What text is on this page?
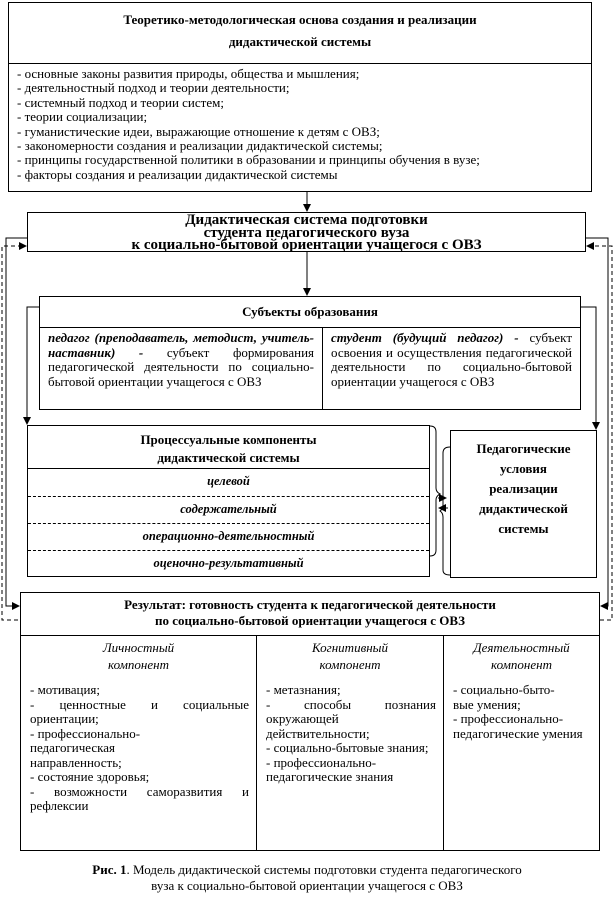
Теоретико-методологическая основа создания и реализации
дидактической системы
- основные законы развития природы, общества и мышления;
- деятельностный подход и теории деятельности;
- системный подход и теории систем;
- теории социализации;
- гуманистические идеи, выражающие отношение к детям с ОВЗ;
- закономерности создания и реализации дидактической системы;
- принципы государственной политики в образовании и принципы обучения в вузе;
- факторы создания и реализации дидактической системы
Дидактическая система подготовки
студента педагогического вуза
к социально-бытовой ориентации учащегося с ОВЗ
Субъекты образования
педагог (преподаватель, методист, учитель-наставник) - субъект формирования педагогической деятельности по социально-бытовой ориентации учащегося с ОВЗ
студент (будущий педагог) - субъект освоения и осуществления педагогической деятельности по социально-бытовой ориентации учащегося с ОВЗ
Процессуальные компоненты
дидактической системы
целевой
содержательный
операционно-деятельностный
оценочно-результативный
Педагогические
условия
реализации
дидактической
системы
Результат: готовность студента к педагогической деятельности
по социально-бытовой ориентации учащегося с ОВЗ
Личностный
компонент
Когнитивный
компонент
Деятельностный
компонент
- мотивация;
- ценностные и социальные ориентации;
- профессионально-педагогическая направленность;
- состояние здоровья;
- возможности саморазвития и рефлексии
- метазнания;
- способы познания окружающей действительности;
- социально-бытовые знания;
- профессионально-педагогические знания
- социально-быто-вые умения;
- профессионально-педагогические умения
Рис. 1. Модель дидактической системы подготовки студента педагогического
вуза к социально-бытовой ориентации учащегося с ОВЗ
